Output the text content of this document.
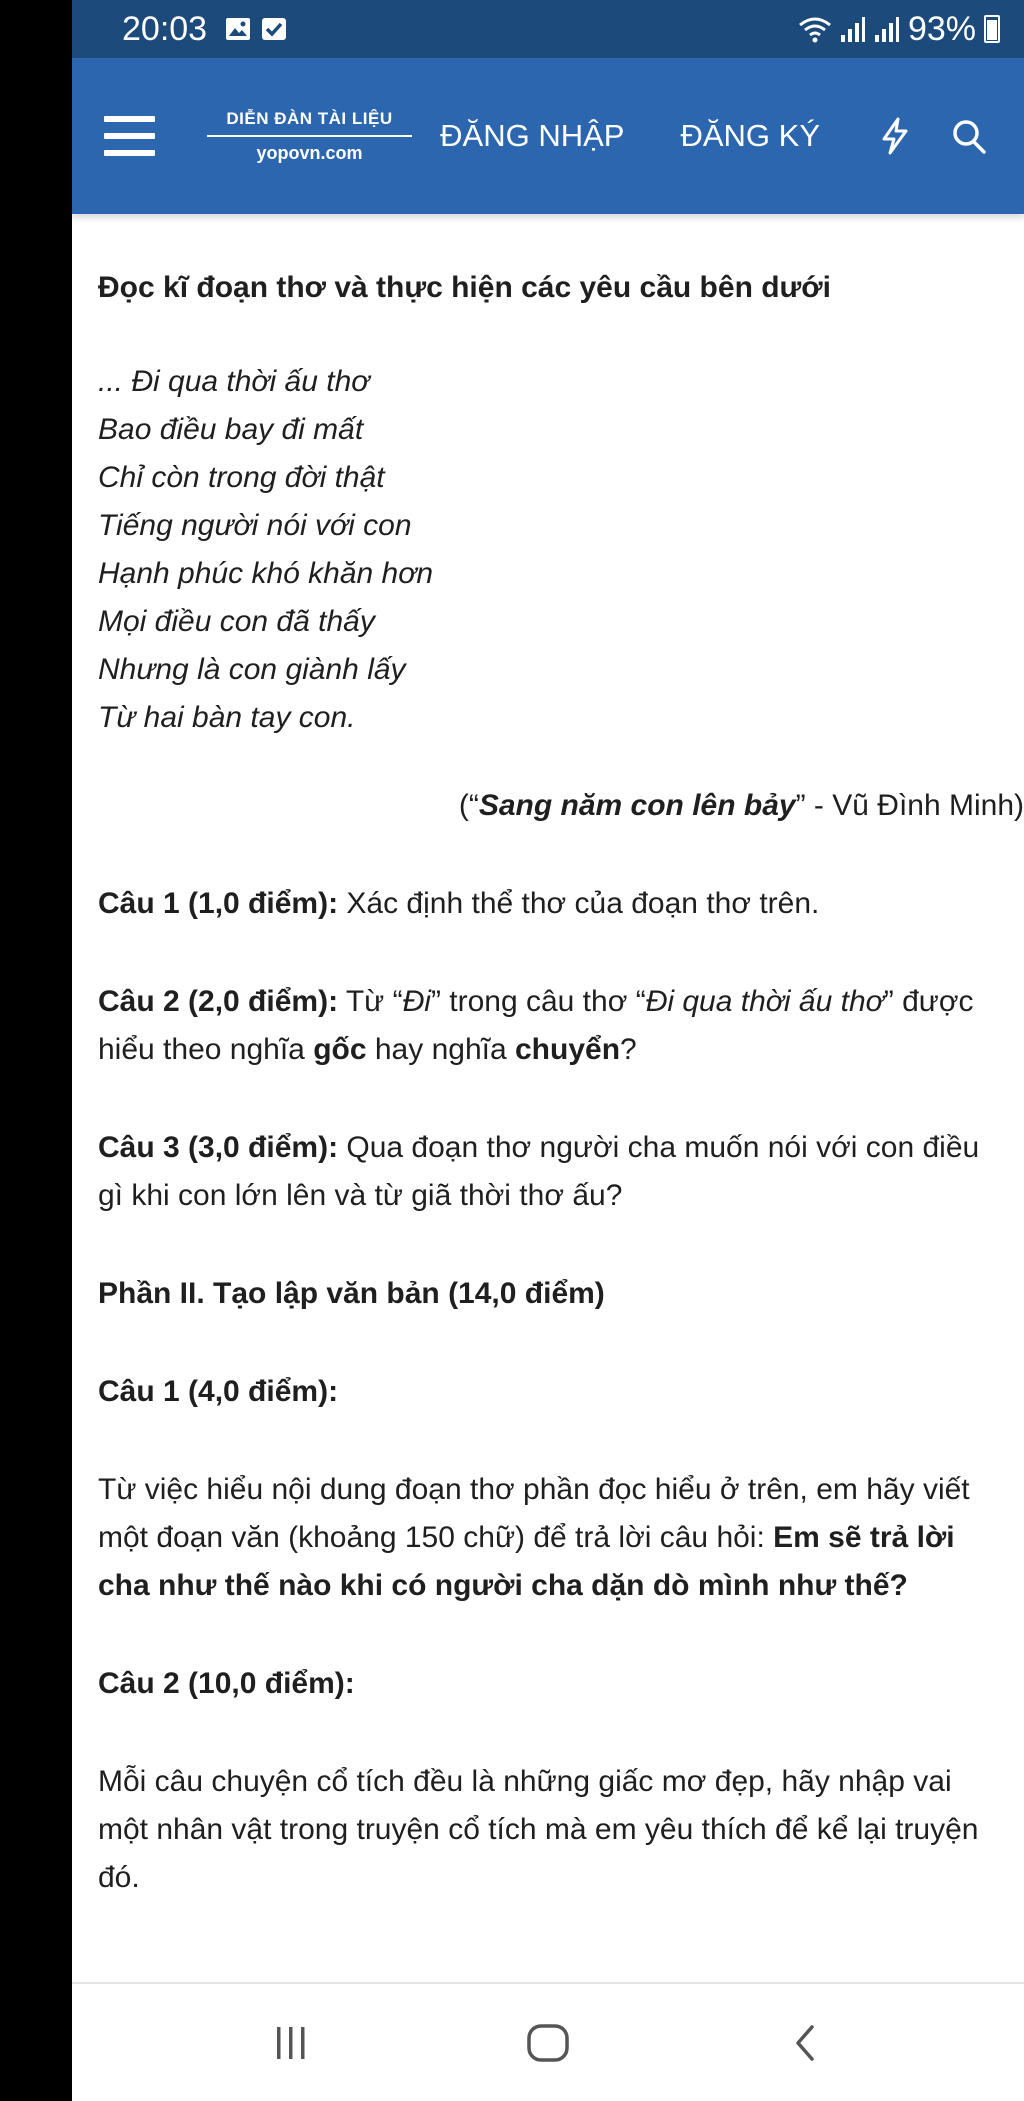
20:03	93%
DIỄN ĐÀN TÀI LIỆU
yopovn.com	ĐĂNG NHẬP ĐĂNG KÝ
Đọc kĩ đoạn thơ và thực hiện các yêu cầu bên dưới

... Đi qua thời ấu thơ

Bao điều bay đi mất

Chỉ còn trong đời thật

Tiếng người nói với con

Hạnh phúc khó khăn hơn

Mọi điều con đã thấy

Nhưng là con giành lấy

Từ hai bàn tay con.

(“Sang năm con lên bảy” - Vũ Đình Minh)
Câu 1 (1,0 điểm): Xác định thể thơ của đoạn thơ trên.
Câu 2 (2,0 điểm): Từ “Đi” trong câu thơ “Đi qua thời ấu thơ” được hiểu theo nghĩa gốc hay nghĩa chuyển?
Câu 3 (3,0 điểm): Qua đoạn thơ người cha muốn nói với con điều gì khi con lớn lên và từ giã thời thơ ấu?
Phần II. Tạo lập văn bản (14,0 điểm)
Câu 1 (4,0 điểm):
Từ việc hiểu nội dung đoạn thơ phần đọc hiểu ở trên, em hãy viết một đoạn văn (khoảng 150 chữ) để trả lời câu hỏi: Em sẽ trả lời cha như thế nào khi có người cha dặn dò mình như thế?
Câu 2 (10,0 điểm):
Mỗi câu chuyện cổ tích đều là những giấc mơ đẹp, hãy nhập vai một nhân vật trong truyện cổ tích mà em yêu thích để kể lại truyện đó.
